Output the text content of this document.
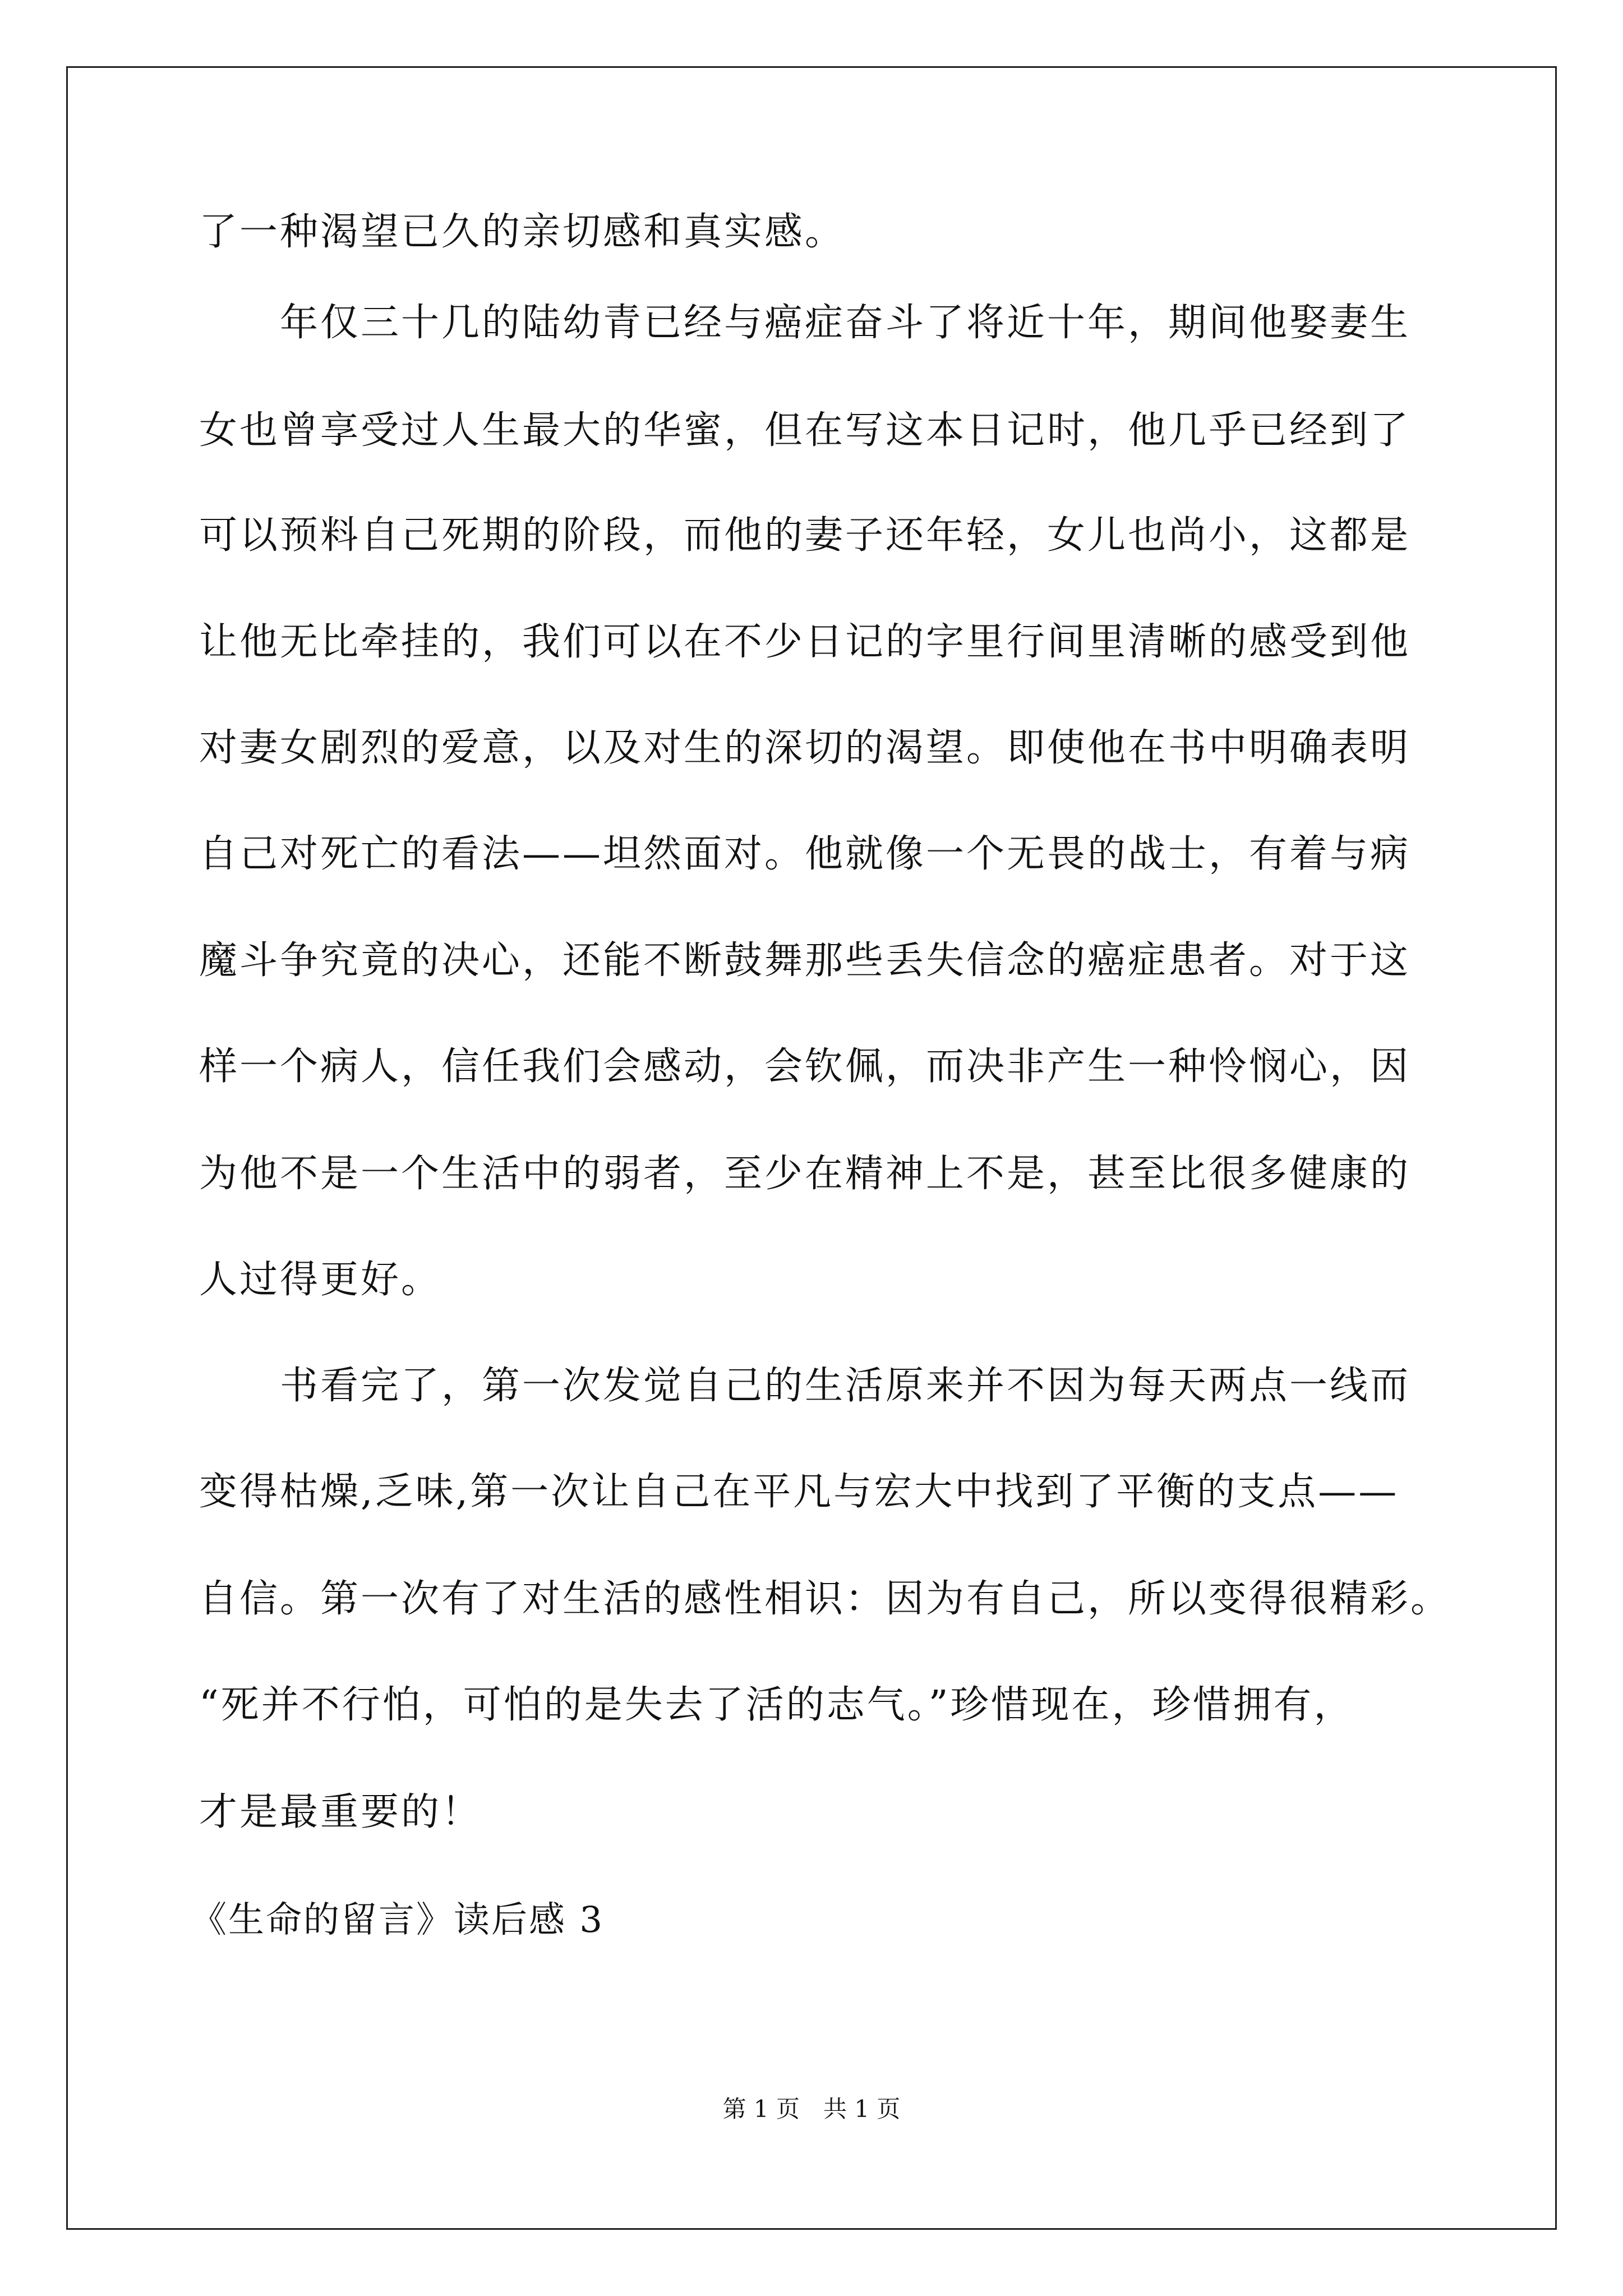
了一种渴望已久的亲切感和真实感。
　　年仅三十几的陆幼青已经与癌症奋斗了将近十年，期间他娶妻生
女也曾享受过人生最大的华蜜，但在写这本日记时，他几乎已经到了
可以预料自己死期的阶段，而他的妻子还年轻，女儿也尚小，这都是
让他无比牵挂的，我们可以在不少日记的字里行间里清晰的感受到他
对妻女剧烈的爱意，以及对生的深切的渴望。即使他在书中明确表明
自己对死亡的看法——坦然面对。他就像一个无畏的战士，有着与病
魔斗争究竟的决心，还能不断鼓舞那些丢失信念的癌症患者。对于这
样一个病人，信任我们会感动，会钦佩，而决非产生一种怜悯心，因
为他不是一个生活中的弱者，至少在精神上不是，甚至比很多健康的
人过得更好。
　　书看完了，第一次发觉自己的生活原来并不因为每天两点一线而
变得枯燥,乏味,第一次让自己在平凡与宏大中找到了平衡的支点——
自信。第一次有了对生活的感性相识：因为有自己，所以变得很精彩。
“死并不行怕，可怕的是失去了活的志气。”珍惜现在，珍惜拥有，
才是最重要的！
《生命的留言》读后感 3
第 1 页　共 1 页
